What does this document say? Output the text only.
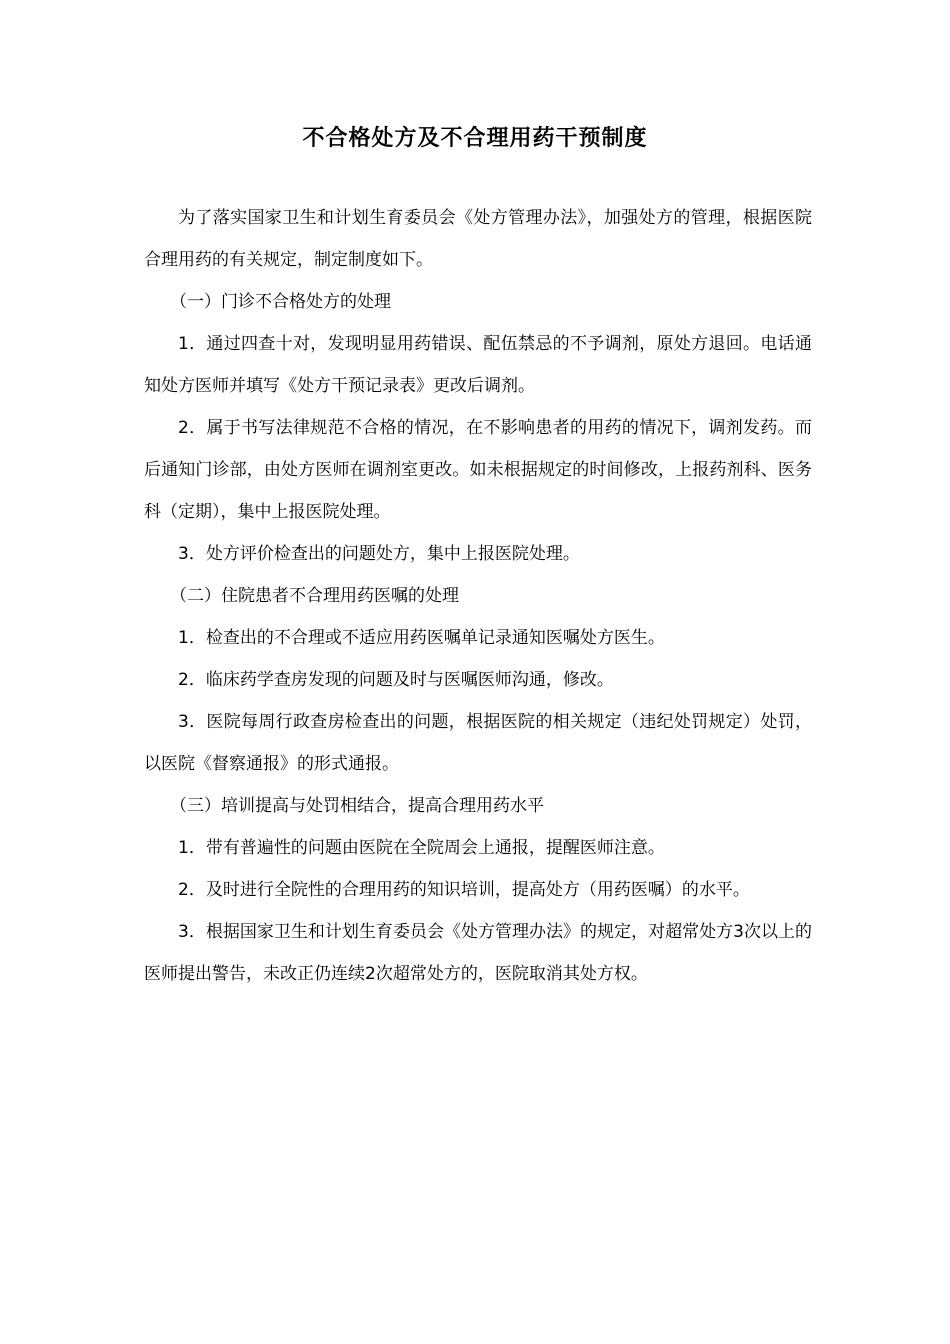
不合格处方及不合理用药干预制度

为了落实国家卫生和计划生育委员会《处方管理办法》，加强处方的管理，根据医院合理用药的有关规定，制定制度如下。

（一）门诊不合格处方的处理

1．通过四查十对，发现明显用药错误、配伍禁忌的不予调剂，原处方退回。电话通知处方医师并填写《处方干预记录表》更改后调剂。

2．属于书写法律规范不合格的情况，在不影响患者的用药的情况下，调剂发药。而后通知门诊部，由处方医师在调剂室更改。如未根据规定的时间修改，上报药剂科、医务科（定期），集中上报医院处理。

3．处方评价检查出的问题处方，集中上报医院处理。

（二）住院患者不合理用药医嘱的处理

1．检查出的不合理或不适应用药医嘱单记录通知医嘱处方医生。

2．临床药学查房发现的问题及时与医嘱医师沟通，修改。

3．医院每周行政查房检查出的问题，根据医院的相关规定（违纪处罚规定）处罚，以医院《督察通报》的形式通报。

（三）培训提高与处罚相结合，提高合理用药水平

1．带有普遍性的问题由医院在全院周会上通报，提醒医师注意。

2．及时进行全院性的合理用药的知识培训，提高处方（用药医嘱）的水平。

3．根据国家卫生和计划生育委员会《处方管理办法》的规定，对超常处方3次以上的医师提出警告，未改正仍连续2次超常处方的，医院取消其处方权。
